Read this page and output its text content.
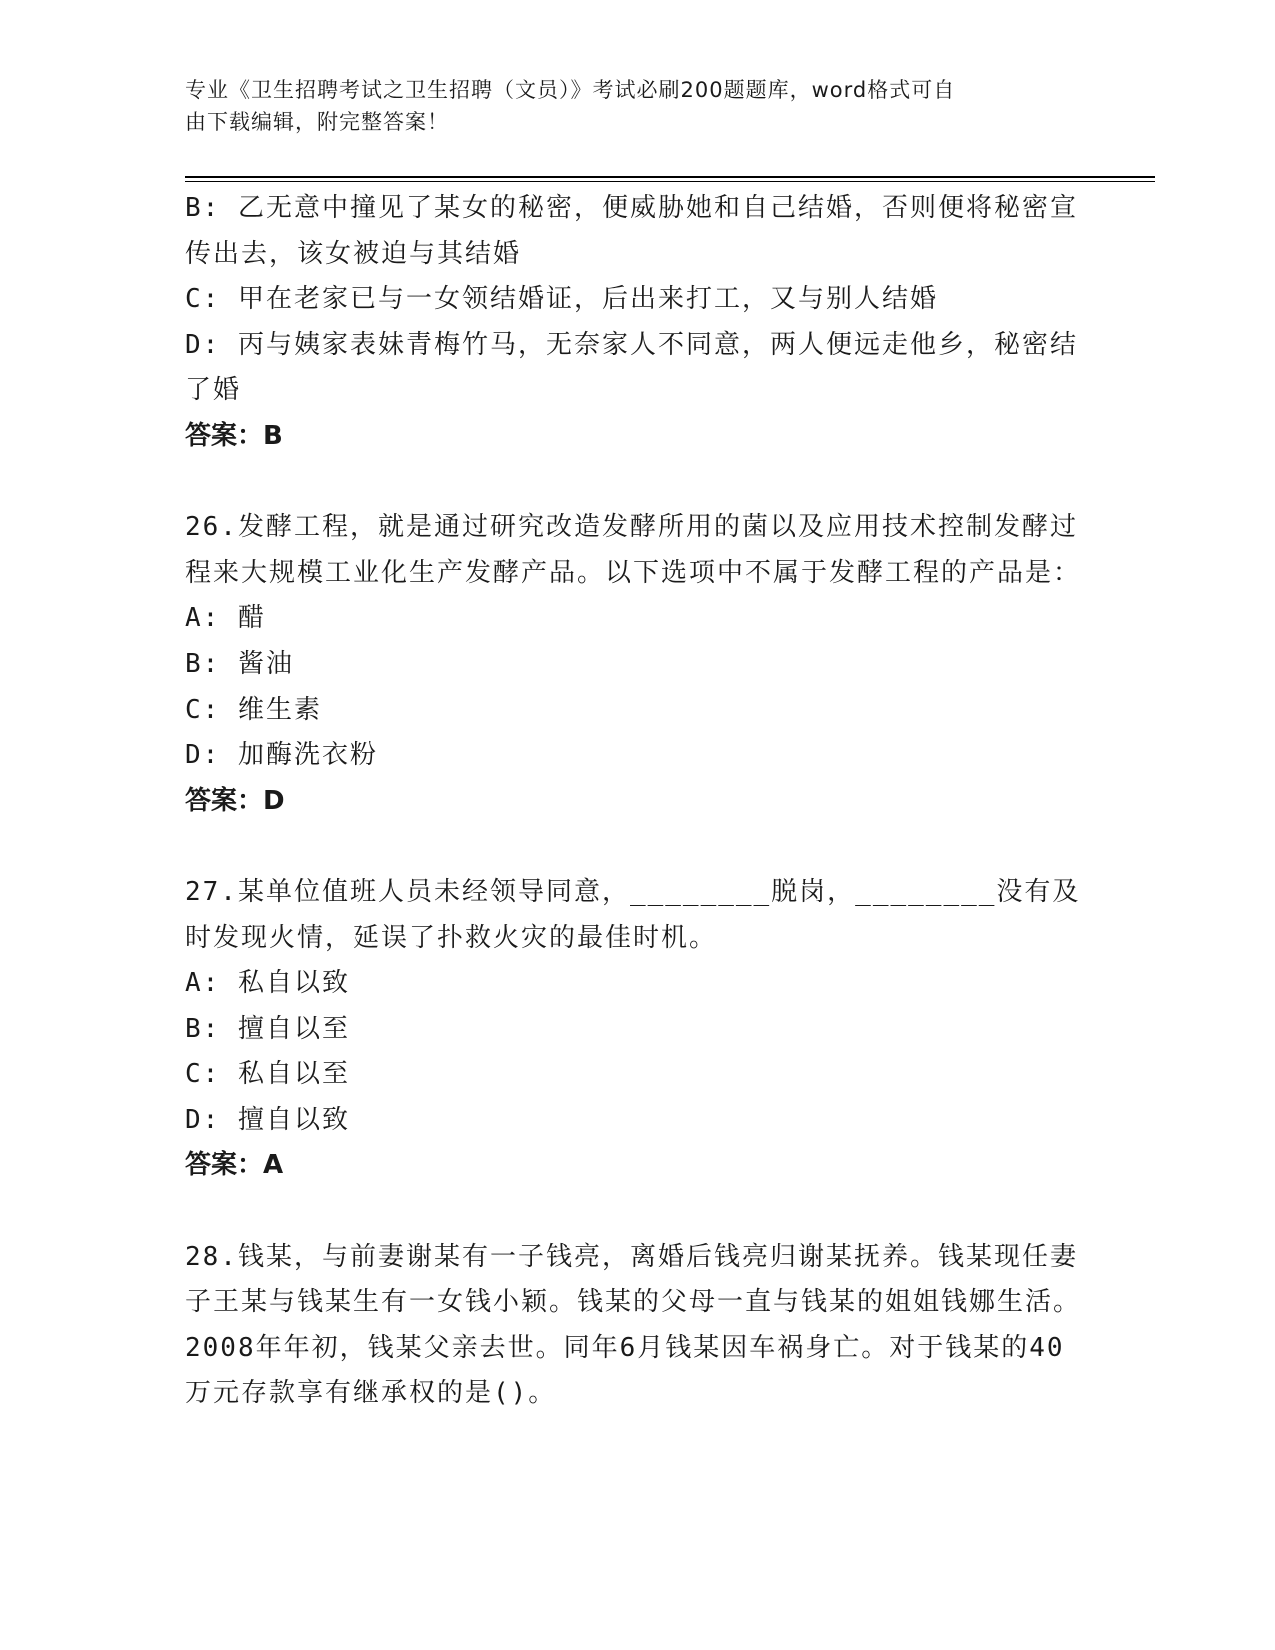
专业《卫生招聘考试之卫生招聘（文员）》考试必刷200题题库，word格式可自
由下载编辑，附完整答案！

B: 乙无意中撞见了某女的秘密，便威胁她和自己结婚，否则便将秘密宣传出去，该女被迫与其结婚

C: 甲在老家已与一女领结婚证，后出来打工，又与别人结婚

D: 丙与姨家表妹青梅竹马，无奈家人不同意，两人便远走他乡，秘密结了婚

答案：B

26.发酵工程，就是通过研究改造发酵所用的菌以及应用技术控制发酵过程来大规模工业化生产发酵产品。以下选项中不属于发酵工程的产品是：

A: 醋

B: 酱油

C: 维生素

D: 加酶洗衣粉

答案：D

27.某单位值班人员未经领导同意，________脱岗，________没有及时发现火情，延误了扑救火灾的最佳时机。

A: 私自以致

B: 擅自以至

C: 私自以至

D: 擅自以致

答案：A

28.钱某，与前妻谢某有一子钱亮，离婚后钱亮归谢某抚养。钱某现任妻子王某与钱某生有一女钱小颖。钱某的父母一直与钱某的姐姐钱娜生活。2008年年初，钱某父亲去世。同年6月钱某因车祸身亡。对于钱某的40万元存款享有继承权的是()。
